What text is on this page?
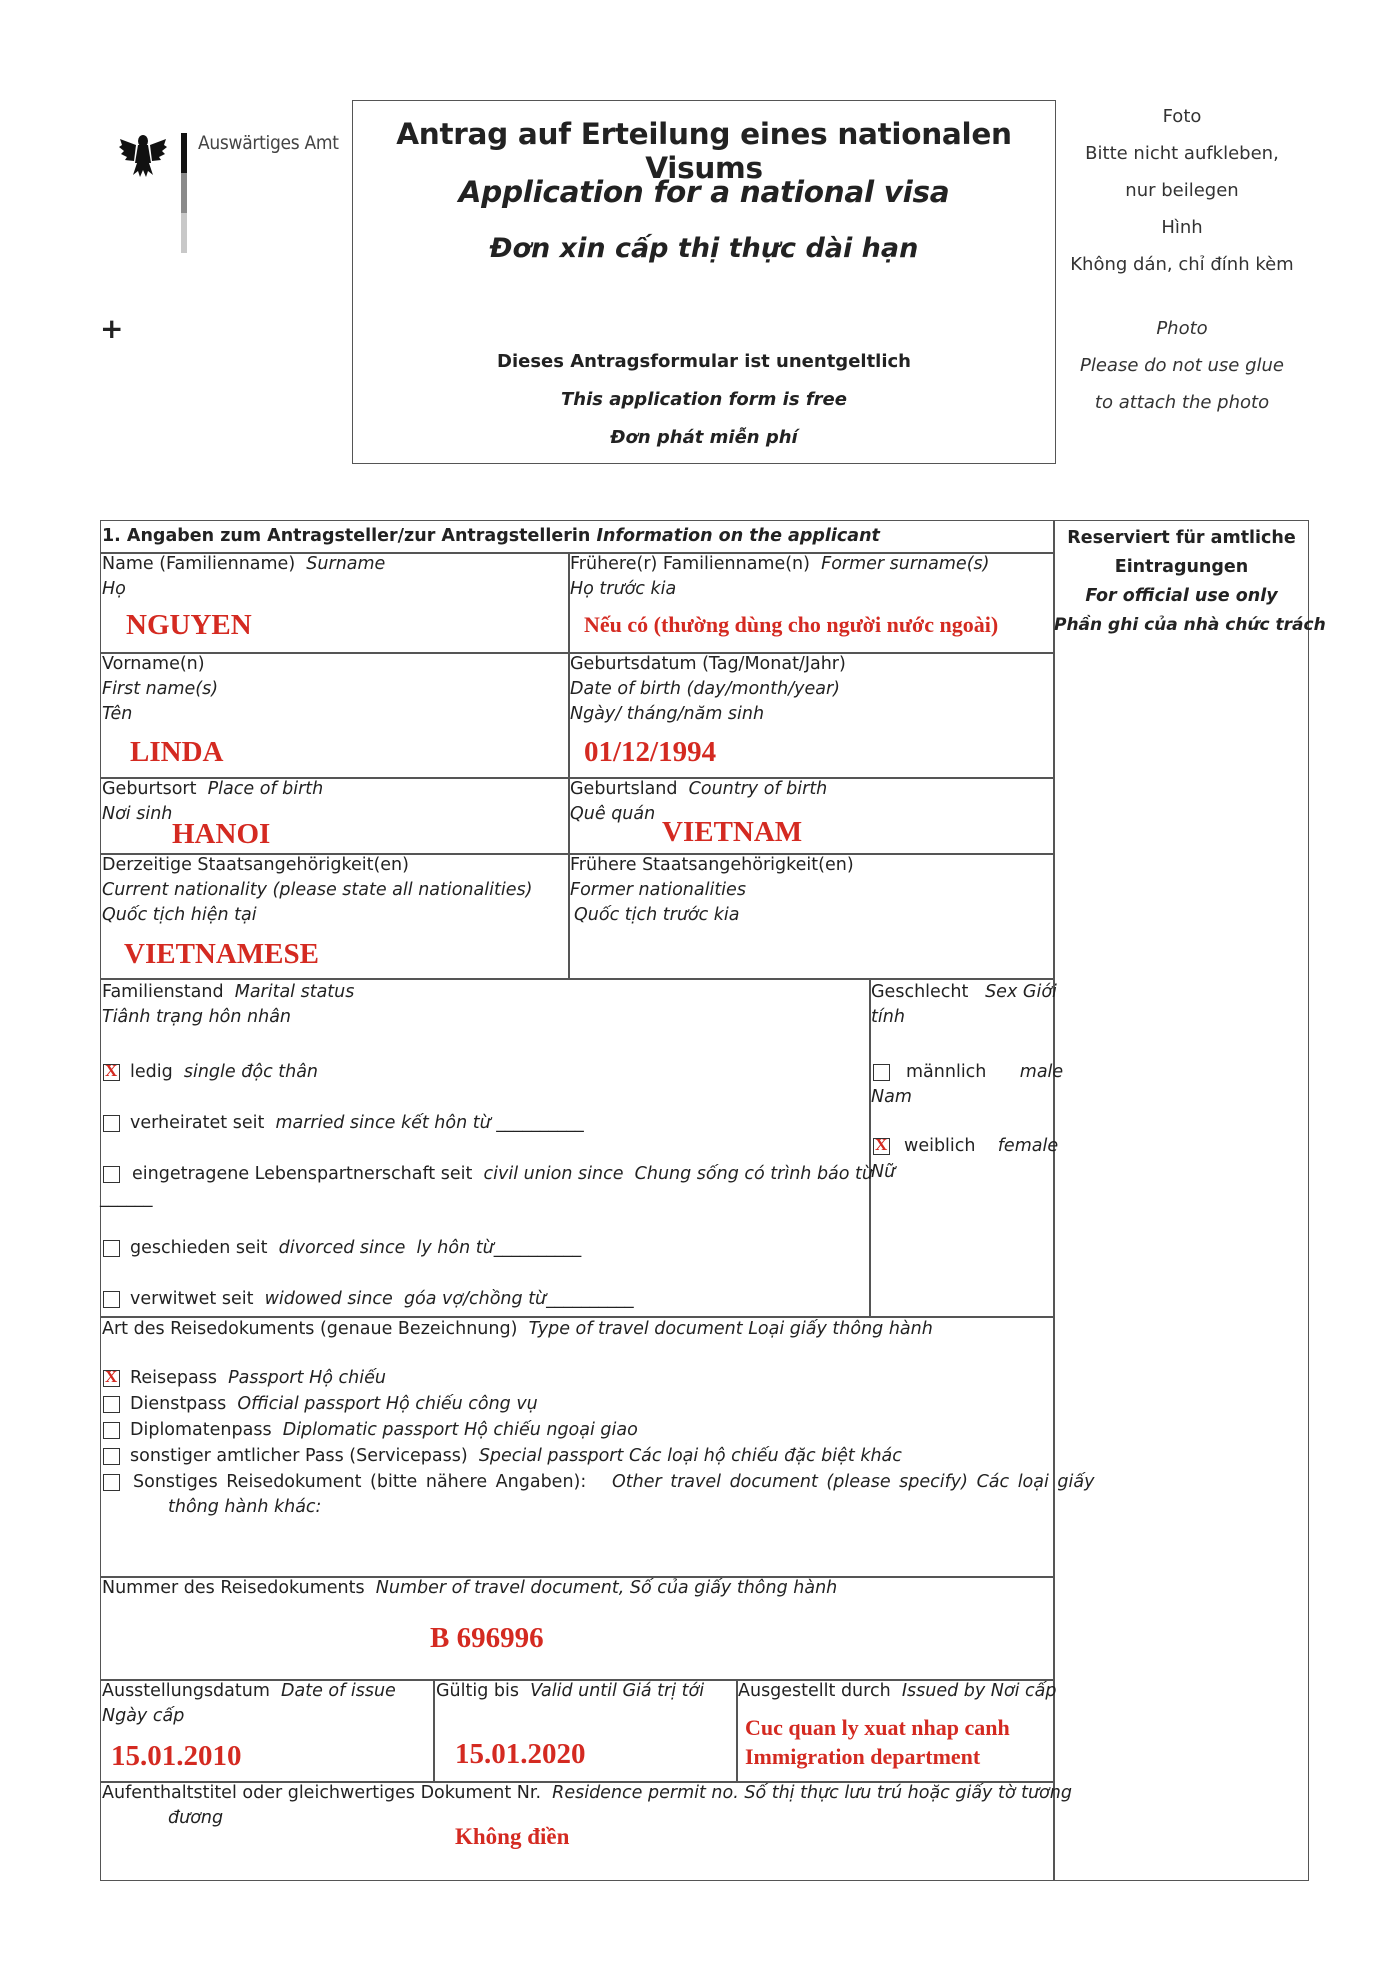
Auswärtiges Amt
+
Antrag auf Erteilung eines nationalen Visums
Application for a national visa
Đơn xin cấp thị thực dài hạn
Dieses Antragsformular ist unentgeltlich
This application form is free
Đơn phát miễn phí
Foto
Bitte nicht aufkleben,
nur beilegen
Hình
Không dán, chỉ đính kèm
Photo
Please do not use glue
to attach the photo
1. Angaben zum Antragsteller/zur Antragstellerin Information on the applicant	Reserviert für amtliche
Eintragungen
For official use only
Phần ghi của nhà chức trách
Name (Familienname) Surname
Họ
NGUYEN
Frühere(r) Familienname(n) Former surname(s)
Họ trước kia
Nếu có (thường dùng cho người nước ngoài)
Vorname(n)
First name(s)
Tên
LINDA
Geburtsdatum (Tag/Monat/Jahr)
Date of birth (day/month/year)
Ngày/ tháng/năm sinh
01/12/1994
Geburtsort Place of birth
Nơi sinh
HANOI
Geburtsland Country of birth
Quê quán
VIETNAM
Derzeitige Staatsangehörigkeit(en)
Current nationality (please state all nationalities)
Quốc tịch hiện tại
VIETNAMESE
Frühere Staatsangehörigkeit(en)
Former nationalities
Quốc tịch trước kia
Familienstand Marital status
Tiânh trạng hôn nhân
X ledig single độc thân
verheiratet seit married since kết hôn từ __________
eingetragene Lebenspartnerschaft seit civil union since Chung sống có trình báo từ
______
geschieden seit divorced since ly hôn từ__________
verwitwet seit widowed since góa vợ/chồng từ__________
Geschlecht Sex Giới
tính
männlich male
Nam
X weiblich female
Nữ
Art des Reisedokuments (genaue Bezeichnung) Type of travel document Loại giấy thông hành
X Reisepass Passport Hộ chiếu
Dienstpass Official passport Hộ chiếu công vụ
Diplomatenpass Diplomatic passport Hộ chiếu ngoại giao
sonstiger amtlicher Pass (Servicepass) Special passport Các loại hộ chiếu đặc biệt khác
Sonstiges Reisedokument (bitte nähere Angaben): Other travel document (please specify) Các loại giấy
thông hành khác:
Nummer des Reisedokuments Number of travel document, Số của giấy thông hành
B 696996
Ausstellungsdatum Date of issue
Ngày cấp
15.01.2010
Gültig bis Valid until Giá trị tới
15.01.2020
Ausgestellt durch Issued by Nơi cấp
Cuc quan ly xuat nhap canh
Immigration department
Aufenthaltstitel oder gleichwertiges Dokument Nr. Residence permit no. Số thị thực lưu trú hoặc giấy tờ tương
đương
Không điền
